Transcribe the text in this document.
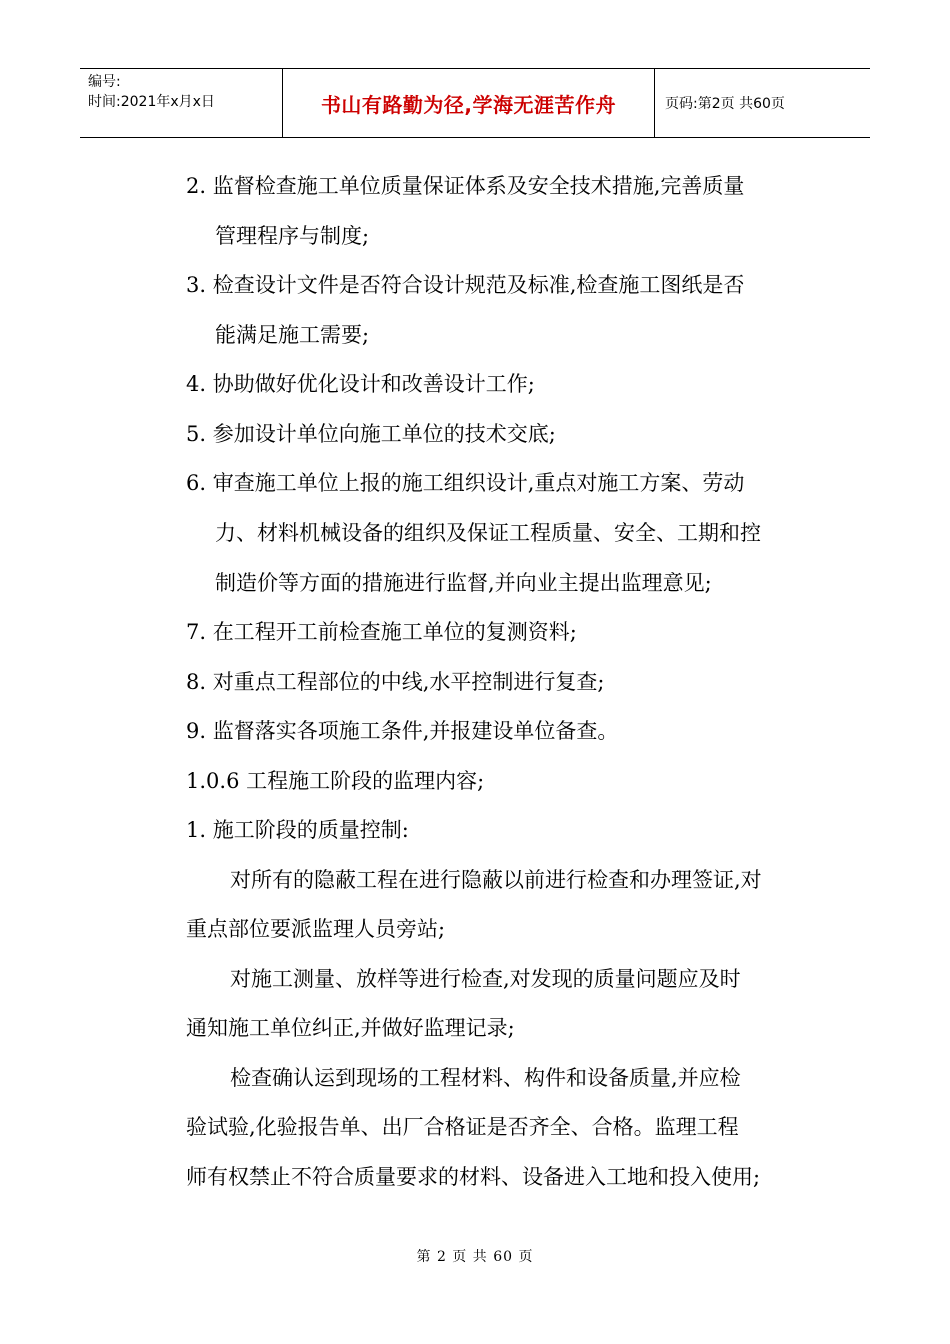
编号:
时间:2021年x月x日	书山有路勤为径,学海无涯苦作舟	页码:第2页 共60页
2. 监督检查施工单位质量保证体系及安全技术措施,完善质量
管理程序与制度;
3. 检查设计文件是否符合设计规范及标准,检查施工图纸是否
能满足施工需要;
4. 协助做好优化设计和改善设计工作;
5. 参加设计单位向施工单位的技术交底;
6. 审查施工单位上报的施工组织设计,重点对施工方案、劳动
力、材料机械设备的组织及保证工程质量、安全、工期和控
制造价等方面的措施进行监督,并向业主提出监理意见;
7. 在工程开工前检查施工单位的复测资料;
8. 对重点工程部位的中线,水平控制进行复查;
9. 监督落实各项施工条件,并报建设单位备查。
1.0.6 工程施工阶段的监理内容;
1. 施工阶段的质量控制:
对所有的隐蔽工程在进行隐蔽以前进行检查和办理签证,对
重点部位要派监理人员旁站;
对施工测量、放样等进行检查,对发现的质量问题应及时
通知施工单位纠正,并做好监理记录;
检查确认运到现场的工程材料、构件和设备质量,并应检
验试验,化验报告单、出厂合格证是否齐全、合格。监理工程
师有权禁止不符合质量要求的材料、设备进入工地和投入使用;
第 2 页 共 60 页
